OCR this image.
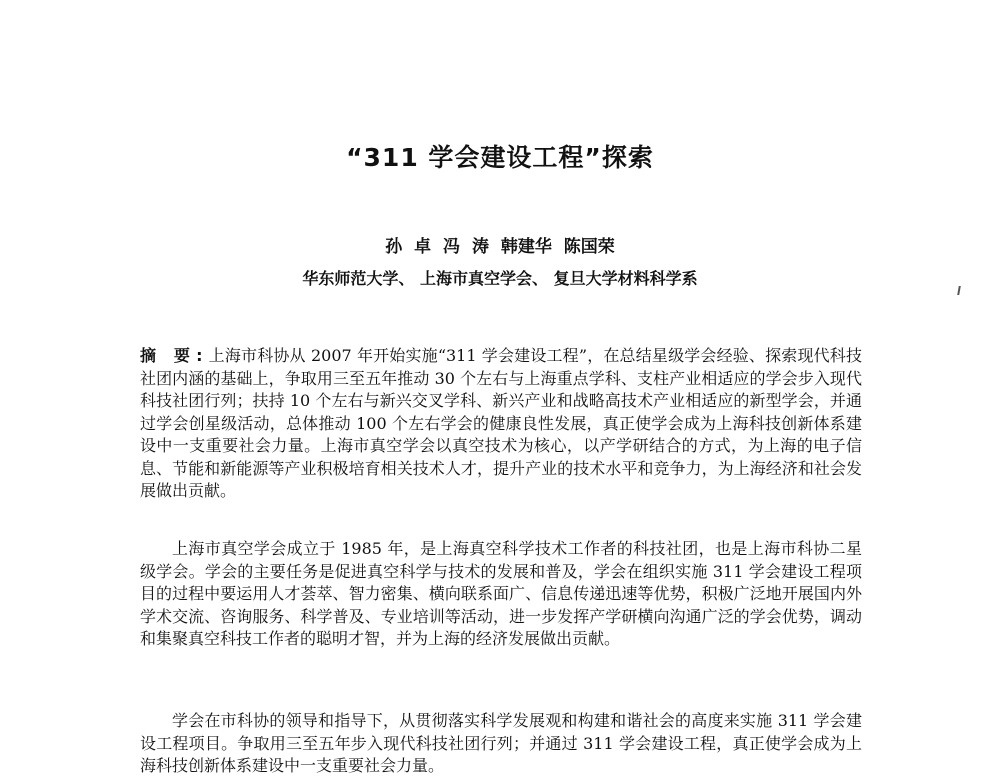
“311 学会建设工程”探索

孙 卓 冯 涛 韩建华 陈国荣

华东师范大学、 上海市真空学会、 复旦大学材料科学系

摘 要:上海市科协从 2007 年开始实施“311 学会建设工程”，在总结星级学会经验、探索现代科技社团内涵的基础上，争取用三至五年推动 30 个左右与上海重点学科、支柱产业相适应的学会步入现代科技社团行列；扶持 10 个左右与新兴交叉学科、新兴产业和战略高技术产业相适应的新型学会，并通过学会创星级活动，总体推动 100 个左右学会的健康良性发展，真正使学会成为上海科技创新体系建设中一支重要社会力量。上海市真空学会以真空技术为核心，以产学研结合的方式，为上海的电子信息、节能和新能源等产业积极培育相关技术人才，提升产业的技术水平和竞争力，为上海经济和社会发展做出贡献。

上海市真空学会成立于 1985 年，是上海真空科学技术工作者的科技社团，也是上海市科协二星级学会。学会的主要任务是促进真空科学与技术的发展和普及，学会在组织实施 311 学会建设工程项目的过程中要运用人才荟萃、智力密集、横向联系面广、信息传递迅速等优势，积极广泛地开展国内外学术交流、咨询服务、科学普及、专业培训等活动，进一步发挥产学研横向沟通广泛的学会优势，调动和集聚真空科技工作者的聪明才智，并为上海的经济发展做出贡献。

学会在市科协的领导和指导下，从贯彻落实科学发展观和构建和谐社会的高度来实施 311 学会建设工程项目。争取用三至五年步入现代科技社团行列；并通过 311 学会建设工程，真正使学会成为上海科技创新体系建设中一支重要社会力量。
